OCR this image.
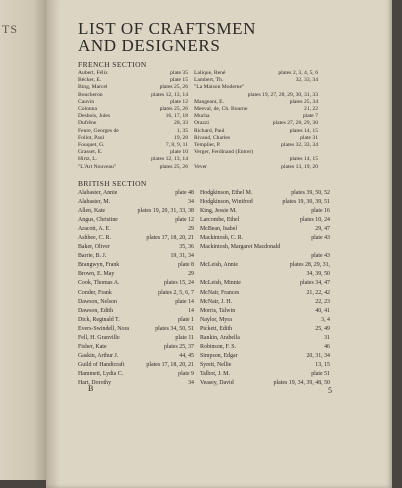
TS	LIST OF CRAFTSMEN
AND DESIGNERS
FRENCH SECTION
Aubert, Félix	plate 35
Bécker, E.	plate 15
Bing, Marcel	plates 25, 26
Boucheron	plates 12, 13, 14
Cauvin	plate 12
Colonna	plates 25, 26
Desbois, Jules	16, 17, 18
Dufrêne	28, 33
Feure, Georges de	1, 35
Follot, Paul	19, 28
Fouquet, G.	7, 8, 9, 11
Grasset, E.	plate 10
Hirtz, L.	plates 12, 13, 14
"L'Art Nouveau"	plates 25, 26
Lalique, René	plates 2, 3, 4, 5, 6
Lambert, Th.	32, 33, 34
"La Maison Moderne"
plates 19, 27, 28, 29, 30, 31, 33
Mangeant, E.	plates 25, 34
Meeval, de, Ch. Bourne	21, 22
Mucha	plate 7
Orazzi	plates 27, 28, 29, 30
Richard, Paul	plates 14, 15
Rivaud, Charles	plate 31
Templier, P.	plates 32, 33, 34
Verger, Ferdinand (Entrer)
plates 14, 15
Vever	plates 13, 19, 20
BRITISH SECTION
Alabaster, Annie	plate 48
Alabaster, M.	34
Allen, Kate	plates 19, 20, 31, 33, 38
Angus, Christine	plate 12
Aracott, A. E.	29
Ashbee, C. R.	plates 17, 18, 20, 21
Baker, Oliver	35, 36
Barrie, B. J.	19, 31, 34
Brangwyn, Frank	plate 8
Brown, E. May	29
Cook, Thomas A.	plates 15, 24
Conder, Frank	plates 2, 5, 6, 7
Dawson, Nelson	plate 14
Dawson, Edith	14
Dick, Reginald T.	plate 1
Evers-Swindell, Nora	plates 34, 50, 51
Fell, H. Granville	plate 11
Fisher, Kate	plates 25, 37
Gaskin, Arthur J.	44, 45
Guild of Handicraft	plates 17, 18, 20, 21
Hammett, Lydia C.	plate 9
Hart, Dorothy	34
Hodgkinson, Ethel M.	plates 39, 50, 52
Hodgkinson, Winifred	plates 19, 30, 39, 51
King, Jessie M.	plate 16
Larcombe, Ethel	plates 10, 24
McBean, Isabel	29, 47
Mackintosh, C. R.	plate 43
Mackintosh, Margaret Macdonald
plate 43
McLeish, Annie	plates 28, 29, 31,
34, 39, 50
McLeish, Minnie	plates 34, 47
McNair, Frances	21, 22, 42
McNair, J. H.	22, 23
Morris, Talwin	40, 41
Naylor, Myra	3, 4
Pickett, Edith	25, 49
Rankin, Arabella	31
Robinson, F. S.	46
Simpson, Edgar	20, 31, 34
Syrett, Nellie	13, 15
Talbot, J. M.	plate 51
Veasey, David	plates 19, 34, 39, 48, 50
B	5
